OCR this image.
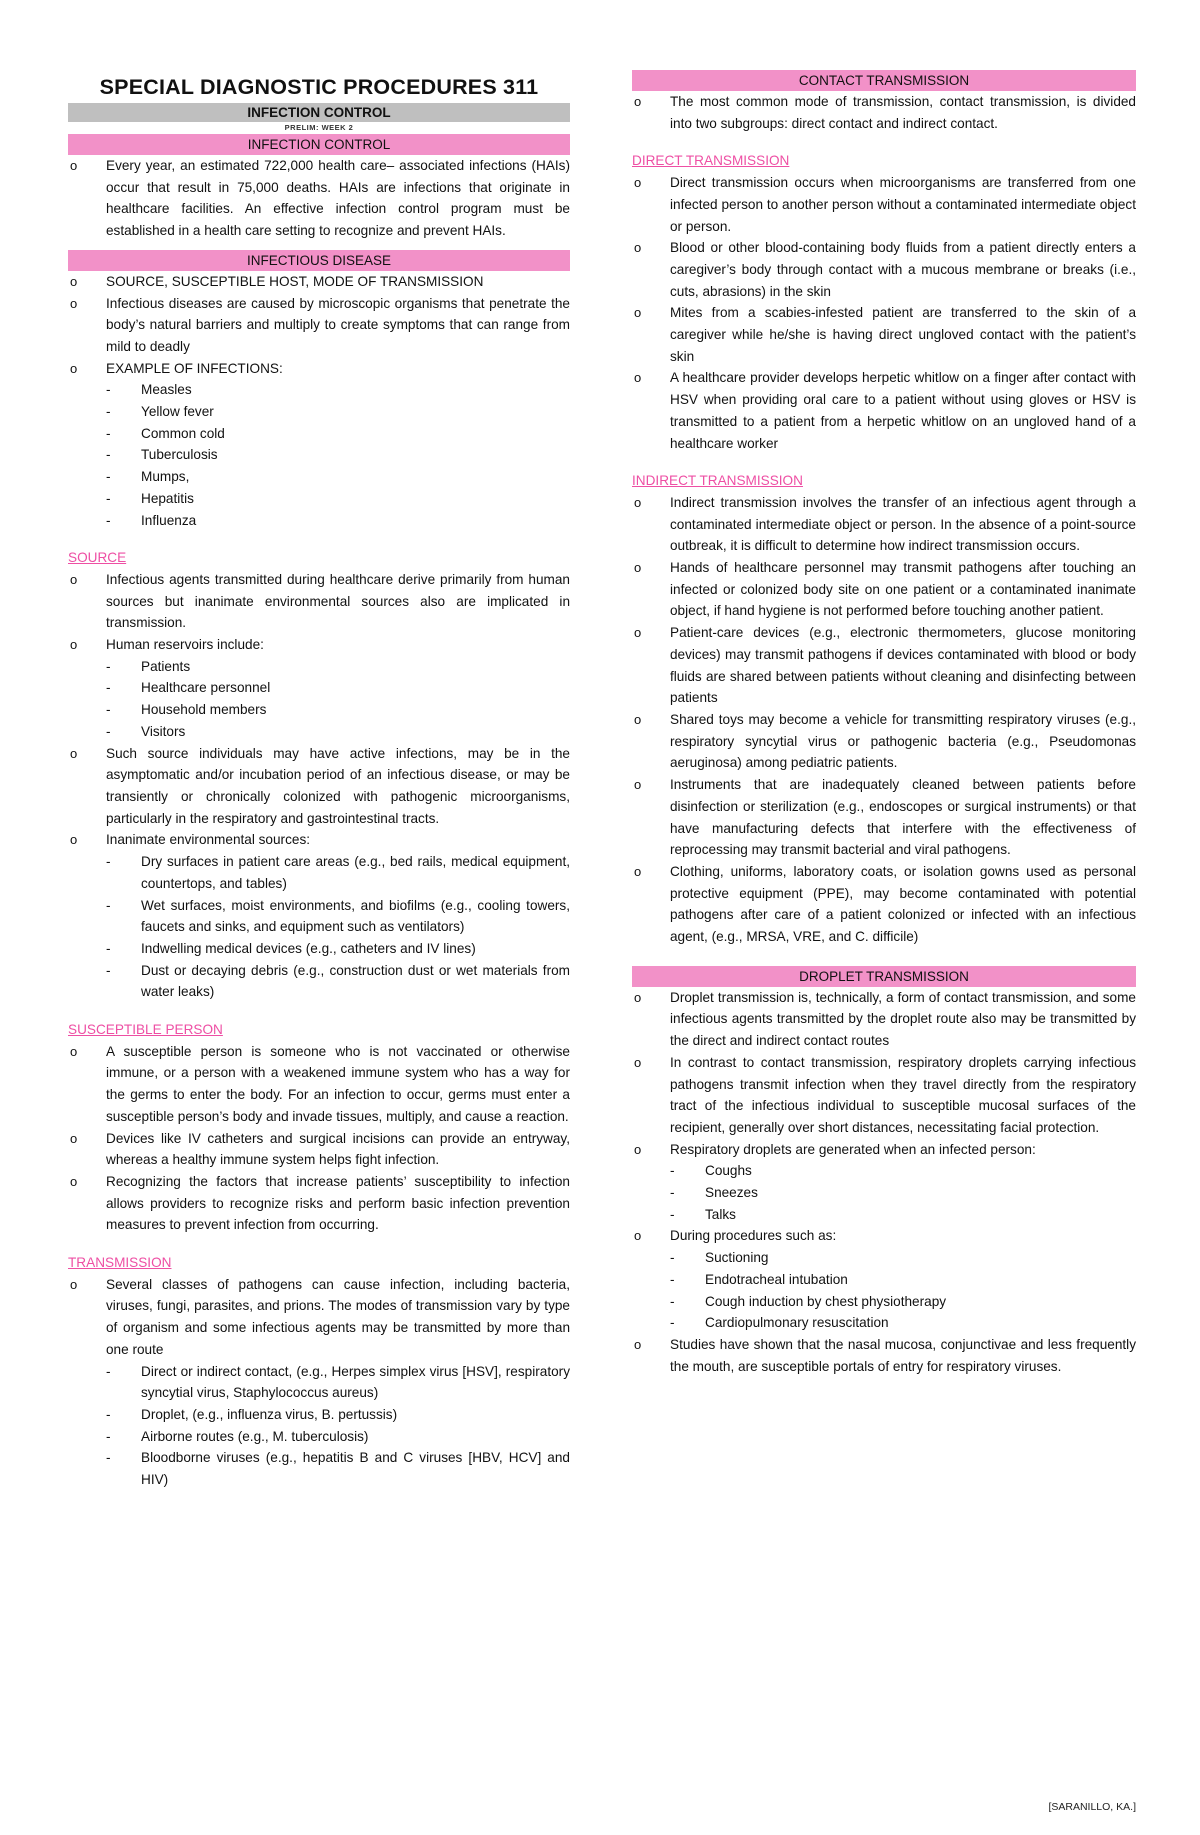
SPECIAL DIAGNOSTIC PROCEDURES 311
INFECTION CONTROL
PRELIM: WEEK 2
INFECTION CONTROL
o Every year, an estimated 722,000 health care– associated infections (HAIs) occur that result in 75,000 deaths. HAIs are infections that originate in healthcare facilities. An effective infection control program must be established in a health care setting to recognize and prevent HAIs.
INFECTIOUS DISEASE
o SOURCE, SUSCEPTIBLE HOST, MODE OF TRANSMISSION
o Infectious diseases are caused by microscopic organisms that penetrate the body’s natural barriers and multiply to create symptoms that can range from mild to deadly
o EXAMPLE OF INFECTIONS:
- Measles
- Yellow fever
- Common cold
- Tuberculosis
- Mumps,
- Hepatitis
- Influenza
SOURCE
o Infectious agents transmitted during healthcare derive primarily from human sources but inanimate environmental sources also are implicated in transmission.
o Human reservoirs include:
- Patients
- Healthcare personnel
- Household members
- Visitors
o Such source individuals may have active infections, may be in the asymptomatic and/or incubation period of an infectious disease, or may be transiently or chronically colonized with pathogenic microorganisms, particularly in the respiratory and gastrointestinal tracts.
o Inanimate environmental sources:
- Dry surfaces in patient care areas (e.g., bed rails, medical equipment, countertops, and tables)
- Wet surfaces, moist environments, and biofilms (e.g., cooling towers, faucets and sinks, and equipment such as ventilators)
- Indwelling medical devices (e.g., catheters and IV lines)
- Dust or decaying debris (e.g., construction dust or wet materials from water leaks)
SUSCEPTIBLE PERSON
o A susceptible person is someone who is not vaccinated or otherwise immune, or a person with a weakened immune system who has a way for the germs to enter the body. For an infection to occur, germs must enter a susceptible person’s body and invade tissues, multiply, and cause a reaction.
o Devices like IV catheters and surgical incisions can provide an entryway, whereas a healthy immune system helps fight infection.
o Recognizing the factors that increase patients’ susceptibility to infection allows providers to recognize risks and perform basic infection prevention measures to prevent infection from occurring.
TRANSMISSION
o Several classes of pathogens can cause infection, including bacteria, viruses, fungi, parasites, and prions. The modes of transmission vary by type of organism and some infectious agents may be transmitted by more than one route
- Direct or indirect contact, (e.g., Herpes simplex virus [HSV], respiratory syncytial virus, Staphylococcus aureus)
- Droplet, (e.g., influenza virus, B. pertussis)
- Airborne routes (e.g., M. tuberculosis)
- Bloodborne viruses (e.g., hepatitis B and C viruses [HBV, HCV] and HIV)
CONTACT TRANSMISSION
o The most common mode of transmission, contact transmission, is divided into two subgroups: direct contact and indirect contact.
DIRECT TRANSMISSION
o Direct transmission occurs when microorganisms are transferred from one infected person to another person without a contaminated intermediate object or person.
o Blood or other blood-containing body fluids from a patient directly enters a caregiver’s body through contact with a mucous membrane or breaks (i.e., cuts, abrasions) in the skin
o Mites from a scabies-infested patient are transferred to the skin of a caregiver while he/she is having direct ungloved contact with the patient’s skin
o A healthcare provider develops herpetic whitlow on a finger after contact with HSV when providing oral care to a patient without using gloves or HSV is transmitted to a patient from a herpetic whitlow on an ungloved hand of a healthcare worker
INDIRECT TRANSMISSION
o Indirect transmission involves the transfer of an infectious agent through a contaminated intermediate object or person. In the absence of a point-source outbreak, it is difficult to determine how indirect transmission occurs.
o Hands of healthcare personnel may transmit pathogens after touching an infected or colonized body site on one patient or a contaminated inanimate object, if hand hygiene is not performed before touching another patient.
o Patient-care devices (e.g., electronic thermometers, glucose monitoring devices) may transmit pathogens if devices contaminated with blood or body fluids are shared between patients without cleaning and disinfecting between patients
o Shared toys may become a vehicle for transmitting respiratory viruses (e.g., respiratory syncytial virus or pathogenic bacteria (e.g., Pseudomonas aeruginosa) among pediatric patients.
o Instruments that are inadequately cleaned between patients before disinfection or sterilization (e.g., endoscopes or surgical instruments) or that have manufacturing defects that interfere with the effectiveness of reprocessing may transmit bacterial and viral pathogens.
o Clothing, uniforms, laboratory coats, or isolation gowns used as personal protective equipment (PPE), may become contaminated with potential pathogens after care of a patient colonized or infected with an infectious agent, (e.g., MRSA, VRE, and C. difficile)
DROPLET TRANSMISSION
o Droplet transmission is, technically, a form of contact transmission, and some infectious agents transmitted by the droplet route also may be transmitted by the direct and indirect contact routes
o In contrast to contact transmission, respiratory droplets carrying infectious pathogens transmit infection when they travel directly from the respiratory tract of the infectious individual to susceptible mucosal surfaces of the recipient, generally over short distances, necessitating facial protection.
o Respiratory droplets are generated when an infected person:
- Coughs
- Sneezes
- Talks
o During procedures such as:
- Suctioning
- Endotracheal intubation
- Cough induction by chest physiotherapy
- Cardiopulmonary resuscitation
o Studies have shown that the nasal mucosa, conjunctivae and less frequently the mouth, are susceptible portals of entry for respiratory viruses.
[SARANILLO, KA.]
